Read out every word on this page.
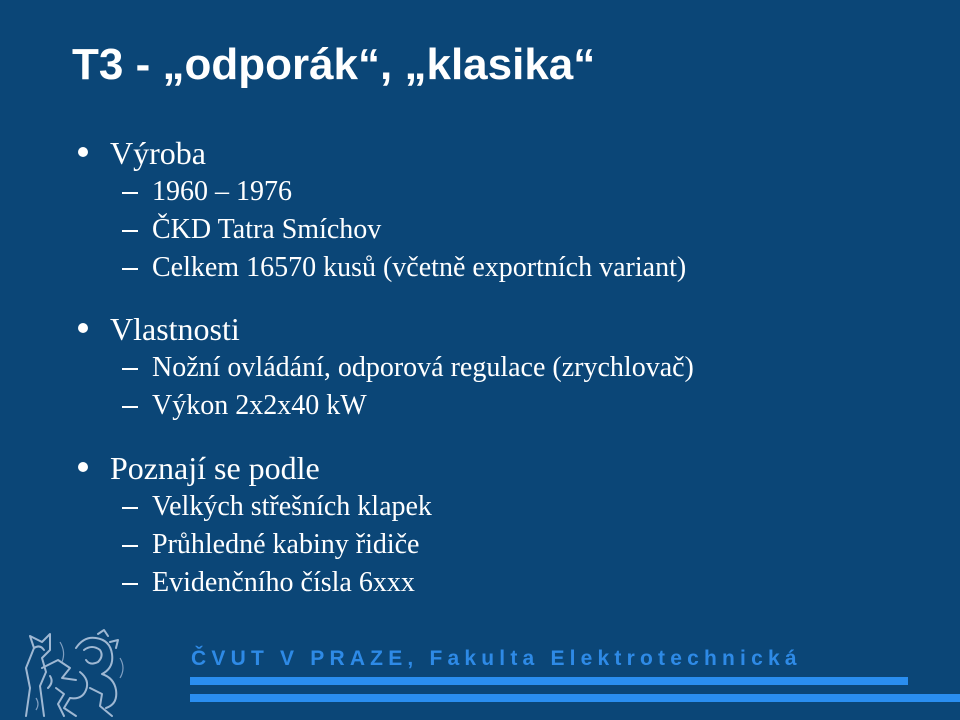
T3 - „odporák“, „klasika“
Výroba
1960 – 1976
ČKD Tatra Smíchov
Celkem 16570 kusů (včetně exportních variant)
Vlastnosti
Nožní ovládání, odporová regulace (zrychlovač)
Výkon 2x2x40 kW
Poznají se podle
Velkých střešních klapek
Průhledné kabiny řidiče
Evidenčního čísla 6xxx
ČVUT V PRAZE, Fakulta Elektrotechnická
